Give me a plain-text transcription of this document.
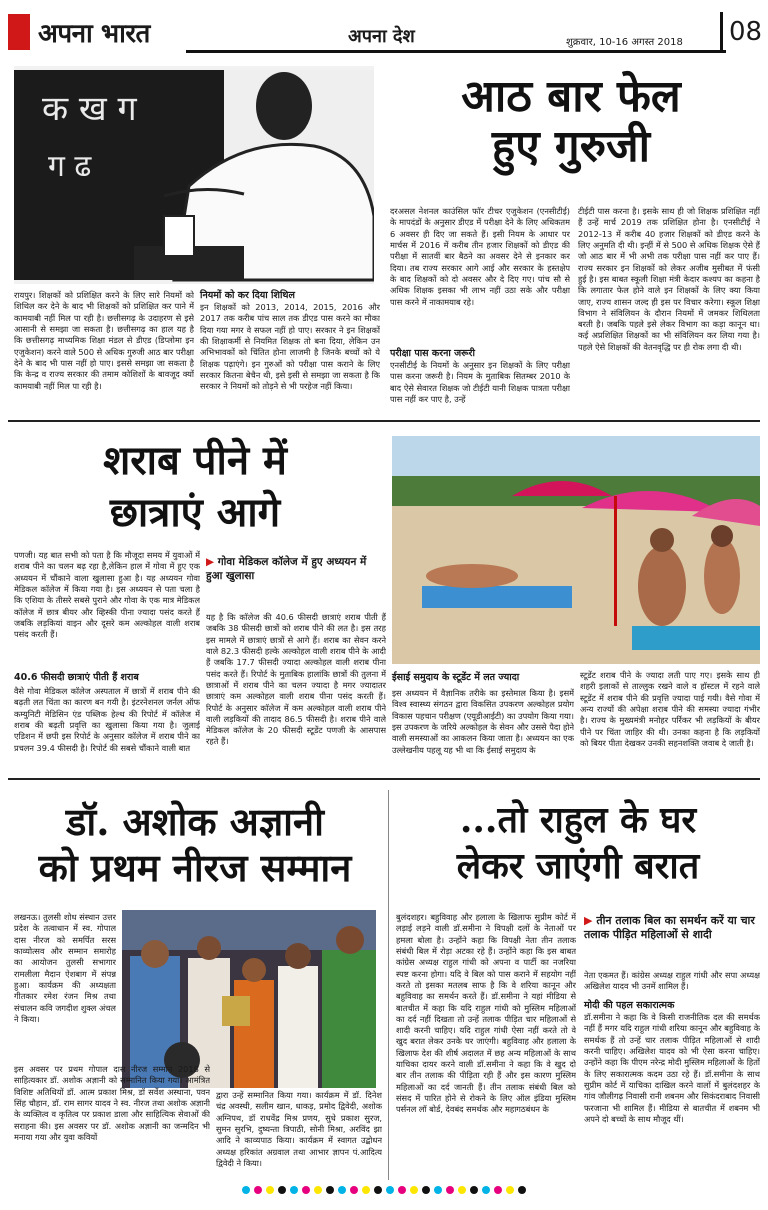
अपना भारत	अपना देश	शुक्रवार, 10-16 अगस्त 2018	08
क ख ग
ग ढ
आठ बार फेल
हुए गुरुजी
रायपुर। शिक्षकों को प्रशिक्षित करने के लिए सारे नियमों को शिथिल कर देने के बाद भी शिक्षकों को प्रशिक्षित कर पाने में कामयाबी नहीं मिल पा रही है। छत्तीसगढ़ के उदाहरण से इसे आसानी से समझा जा सकता है। छत्तीसगढ़ का हाल यह है कि छत्तीसगढ़ माध्यमिक शिक्षा मंडल से डीएड (डिप्लोमा इन एजुकेशन) करने वाले 500 से अधिक गुरुजी आठ बार परीक्षा देने के बाद भी पास नहीं हो पाए। इससे समझा जा सकता है कि केन्द्र व राज्य सरकार की तमाम कोशिशों के बावजूद क्यों कामयाबी नहीं मिल पा रही है।
नियमों को कर दिया शिथिल
इन शिक्षकों को 2013, 2014, 2015, 2016 और 2017 तक करीब पांच साल तक डीएड पास करने का मौका दिया गया मगर वे सफल नहीं हो पाए। सरकार ने इन शिक्षकों की शिक्षाकर्मी से नियमित शिक्षक तो बना दिया, लेकिन उन अभिभावकों को चिंतित होना लाजमी है जिनके बच्चों को ये शिक्षक पढ़ाएंगे। इन गुरुओं को परीक्षा पास कराने के लिए सरकार कितना बेचैन थी, इसे इसी से समझा जा सकता है कि सरकार ने नियमों को तोड़ने से भी परहेज नहीं किया।
दरअसल नेशनल काउंसिल फॉर टीचर एजुकेशन (एनसीटीई) के मापदंडों के अनुसार डीएड में परीक्षा देने के लिए अधिकतम 6 अवसर ही दिए जा सकते हैं। इसी नियम के आधार पर मार्चस में 2016 में करीब तीन हजार शिक्षकों को डीएड की परीक्षा में सातवीं बार बैठने का अवसर देने से इनकार कर दिया। तब राज्य सरकार आगे आई और सरकार के हस्तक्षेप के बाद शिक्षकों को दो अवसर और दे दिए गए। पांच सौ से अधिक शिक्षक इसका भी लाभ नहीं उठा सके और परीक्षा पास करने में नाकामयाब रहे।
परीक्षा पास करना जरूरी
एनसीटीई के नियमों के अनुसार इन शिक्षकों के लिए परीक्षा पास करना जरूरी है। नियम के मुताबिक सितम्बर 2010 के बाद ऐसे सेवारत शिक्षक जो टीईटी यानी शिक्षक पात्रता परीक्षा पास नहीं कर पाए है, उन्हें
टीईटी पास करना है। इसके साथ ही जो शिक्षक प्रशिक्षित नहीं हैं उन्हें मार्च 2019 तक प्रशिक्षित होना है। एनसीटीई ने 2012-13 में करीब 40 हजार शिक्षकों को डीएड करने के लिए अनुमति दी थी। इन्हीं में से 500 से अधिक शिक्षक ऐसे हैं जो आठ बार में भी अभी तक परीक्षा पास नहीं कर पाए हैं। राज्य सरकार इन शिक्षकों को लेकर अजीब मुसीबत में फंसी हुई है। इस बाबत स्कूली शिक्षा मंत्री केदार कश्यप का कहना है कि लगातार फेल होने वाले इन शिक्षकों के लिए क्या किया जाए, राज्य शासन जल्द ही इस पर विचार करेगा। स्कूल शिक्षा विभाग ने संविलियन के दौरान नियमों में जमकर शिथिलता बरती है। जबकि पहले इसे लेकर विभाग का कड़ा कानून था। कई अप्रशिक्षित शिक्षकों का भी संविलियन कर लिया गया है। पहले ऐसे शिक्षकों की वेतनवृद्धि पर ही रोक लगा दी थी।
शराब पीने में
छात्राएं आगे
पणजी। यह बात सभी को पता है कि मौजूदा समय में युवाओं में शराब पीने का चलन बढ़ रहा है,लेकिन हाल में गोवा में हुए एक अध्ययन में चौंकाने वाला खुलासा हुआ है। यह अध्ययन गोवा मेडिकल कॉलेज में किया गया है। इस अध्ययन से पता चला है कि एशिया के तीसरे सबसे पुराने और गोवा के एक मात्र मेडिकल कॉलेज में छात्र बीयर और व्हिस्की पीना ज्यादा पसंद करते हैं जबकि लड़कियां वाइन और दूसरे कम अल्कोहल वाली शराब पसंद करती हैं।
40.6 फीसदी छात्राएं पीती हैं शराब
वैसे गोवा मेडिकल कॉलेज अस्पताल में छात्रों में शराब पीने की बढ़ती लत चिंता का कारण बन गयी है। इंटरनेशनल जर्नल ऑफ कम्युनिटी मेडिसिन एंड पब्लिक हेल्थ की रिपोर्ट में कॉलेज में शराब की बढ़ती प्रवृत्ति का खुलासा किया गया है। जुलाई एडिशन में छपी इस रिपोर्ट के अनुसार कॉलेज में शराब पीने का प्रचलन 39.4 फीसदी है। रिपोर्ट की सबसे चौंकाने वाली बात
▶ गोवा मेडिकल कॉलेज में हुए अध्ययन में हुआ खुलासा
यह है कि कॉलेज की 40.6 फीसदी छात्राएं शराब पीती हैं जबकि 38 फीसदी छात्रों को शराब पीने की लत है। इस तरह इस मामले में छात्राएं छात्रों से आगे हैं। शराब का सेवन करने वाले 82.3 फीसदी हल्के अल्कोहल वाली शराब पीने के आदी हैं जबकि 17.7 फीसदी ज्यादा अल्कोहल वाली शराब पीना पसंद करते हैं। रिपोर्ट के मुताबिक हालांकि छात्रों की तुलना में छात्राओं में शराब पीने का चलन ज्यादा है मगर ज्यादातर छात्राएं कम अल्कोहल वाली शराब पीना पसंद करती हैं। रिपोर्ट के अनुसार कॉलेज में कम अल्कोहल वाली शराब पीने वाली लड़कियों की तादाद 86.5 फीसदी है। शराब पीने वाले मेडिकल कॉलेज के 20 फीसदी स्टूडेंट पणजी के आसपास रहते हैं।
ईसाई समुदाय के स्टूडेंट में लत ज्यादा
इस अध्ययन में वैज्ञानिक तरीके का इस्तेमाल किया है। इसमें विश्व स्वास्थ्य संगठन द्वारा विकसित उपकरण अल्कोहल प्रयोग विकास पहचान परीक्षण (एयूडीआईटी) का उपयोग किया गया। इस उपकरण के जरिये अल्कोहल के सेवन और उससे पैदा होने वाली समस्याओं का आकलन किया जाता है। अध्ययन का एक उल्लेखनीय पहलू यह भी था कि ईसाई समुदाय के
स्टूडेंट शराब पीने के ज्यादा लती पाए गए। इसके साथ ही शहरी इलाकों से ताल्लुक रखने वाले व हॉस्टल में रहने वाले स्टूडेंट में शराब पीने की प्रवृत्ति ज्यादा पाई गयी। वैसे गोवा में अन्य राज्यों की अपेक्षा शराब पीने की समस्या ज्यादा गंभीर है। राज्य के मुख्यमंत्री मनोहर पर्रिकर भी लड़कियों के बीयर पीने पर चिंता जाहिर की थी। उनका कहना है कि लड़कियों को बियर पीता देखकर उनकी सहनशक्ति जवाब दे जाती है।
डॉ. अशोक अज्ञानी
को प्रथम नीरज सम्मान
लखनऊ। तुलसी शोध संस्थान उत्तर प्रदेश के तत्वाधान में स्व. गोपाल दास नीरज को समर्पित सरस काव्योत्सव और सम्मान समारोह का आयोजन तुलसी सभागार रामलीला मैदान ऐशबाग में संपन्न हुआ। कार्यक्रम की अध्यक्षता गीतकार रमेश रंजन मिश्र तथा संचालन कवि जगदीश शुक्ल अंचल ने किया।
इस अवसर पर प्रथम गोपाल दास नीरज सम्मान 2018 से साहित्यकार डॉ. अशोक अज्ञानी को सम्मानित किया गया। आमंत्रित विशिष्ट अतिथियों डॉ. आत्म प्रकाश मिश्र, डॉ सर्वेश अस्थाना, पवन सिंह चौहान, डॉ. राम सागर यादव ने स्व. नीरज तथा अशोक अज्ञानी के व्यक्तित्व व कृतित्व पर प्रकाश डाला और साहित्यिक सेवाओं की सराहना की। इस अवसर पर डॉ. अशोक अज्ञानी का जन्मदिन भी मनाया गया और युवा कवियों
द्वारा उन्हें सम्मानित किया गया। कार्यक्रम में डॉ. दिनेश चंद्र अवस्थी, सलीम खान, धाकड़, प्रमोद द्विवेदी, अशोक अग्निपथ, डॉ राधवेंद्र मिश्र प्रणय, सुधे प्रकाश सुरज, सुमन सुरभि, दुष्यन्ता त्रिपाठी, सोनी मिश्रा, अरविंद झा आदि ने काव्यपाठ किया। कार्यक्रम में स्वागत उद्बोधन अध्यक्ष हरिकांत अग्रवाल तथा आभार ज्ञापन पं.आदित्य द्विवेदी ने किया।
...तो राहुल के घर
लेकर जाएंगी बरात
बुलंदशहर। बहुविवाह और हलाला के खिलाफ सुप्रीम कोर्ट में लड़ाई लड़ने वाली डॉ.समीना ने विपक्षी दलों के नेताओं पर हमला बोला है। उन्होंने कहा कि विपक्षी नेता तीन तलाक संबंधी बिल में रोड़ा अटका रहे हैं। उन्होंने कहा कि इस बाबत कांग्रेस अध्यक्ष राहुल गांधी को अपना व पार्टी का नजरिया स्पष्ट करना होगा। यदि वे बिल को पास कराने में सहयोग नहीं करते तो इसका मतलब साफ है कि वे शरिया कानून और बहुविवाह का समर्थन करते हैं। डॉ.समीना ने यहां मीडिया से बातचीत में कहा कि यदि राहुल गांधी को मुस्लिम महिलाओं का दर्द नहीं दिखता तो उन्हें तलाक पीड़ित चार महिलाओं से शादी करनी चाहिए। यदि राहुल गांधी ऐसा नहीं करते तो वे खुद बरात लेकर उनके घर जाएंगी। बहुविवाह और हलाला के खिलाफ देश की शीर्ष अदालत में छह अन्य महिलाओं के साथ याचिका दायर करने वाली डॉ.समीना ने कहा कि वे खुद दो बार तीन तलाक की पीड़िता रही हैं और इस कारण मुस्लिम महिलाओं का दर्द जानती हैं। तीन तलाक संबंधी बिल को संसद में पारित होने से रोकने के लिए ऑल इंडिया मुस्लिम पर्सनल लॉ बोर्ड, देवबंद समर्थक और महागठबंधन के
▶ तीन तलाक बिल का समर्थन करें या चार तलाक पीड़ित महिलाओं से शादी
नेता एकमत हैं। कांग्रेस अध्यक्ष राहुल गांधी और सपा अध्यक्ष अखिलेश यादव भी उनमें शामिल हैं।
मोदी की पहल सकारात्मक
डॉ.समीना ने कहा कि वे किसी राजनीतिक दल की समर्थक नहीं हैं मगर यदि राहुल गांधी शरिया कानून और बहुविवाह के समर्थक हैं तो उन्हें चार तलाक पीड़ित महिलाओं से शादी करनी चाहिए। अखिलेश यादव को भी ऐसा करना चाहिए। उन्होंने कहा कि पीएम नरेन्द्र मोदी मुस्लिम महिलाओं के हितों के लिए सकारात्मक कदम उठा रहे हैं। डॉ.समीना के साथ सुप्रीम कोर्ट में याचिका दाखिल करने वालों में बुलंदशहर के गांव जौलीगढ़ निवासी रानी शबनम और सिकंदराबाद निवासी फरजाना भी शामिल हैं। मीडिया से बातचीत में शबनम भी अपने दो बच्चों के साथ मौजूद थीं।
